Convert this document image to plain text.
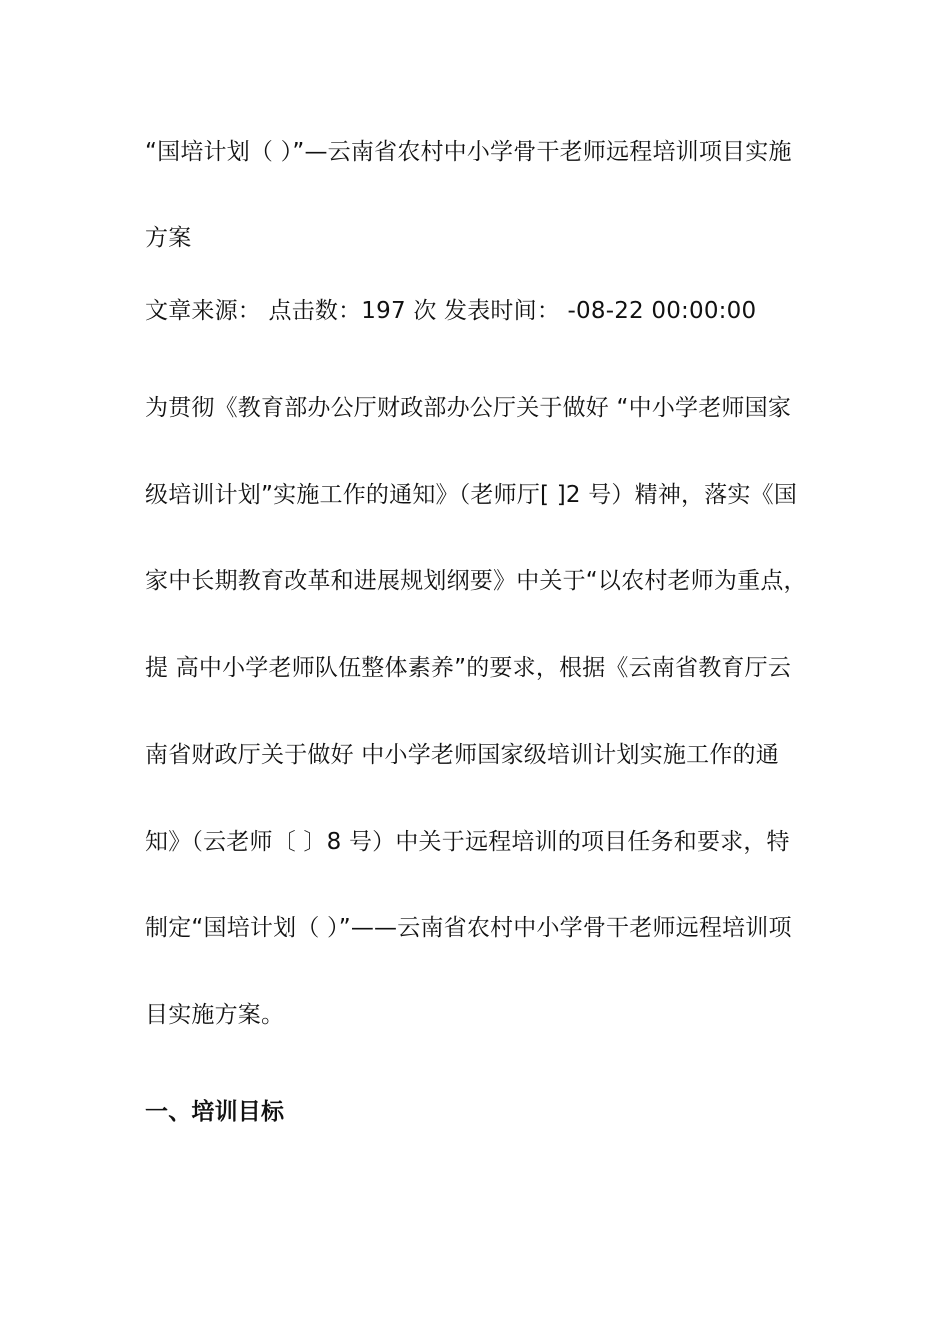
“国培计划（ ）”—云南省农村中小学骨干老师远程培训项目实施
方案
文章来源： 点击数：197 次 发表时间： -08-22 00:00:00
为贯彻《教育部办公厅财政部办公厅关于做好 “中小学老师国家
级培训计划”实施工作的通知》（老师厅[ ]2 号）精神，落实《国
家中长期教育改革和进展规划纲要》中关于“以农村老师为重点，
提 高中小学老师队伍整体素养”的要求，根据《云南省教育厅云
南省财政厅关于做好 中小学老师国家级培训计划实施工作的通
知》（云老师〔 〕8 号）中关于远程培训的项目任务和要求，特
制定“国培计划（ ）”——云南省农村中小学骨干老师远程培训项
目实施方案。
一、培训目标
